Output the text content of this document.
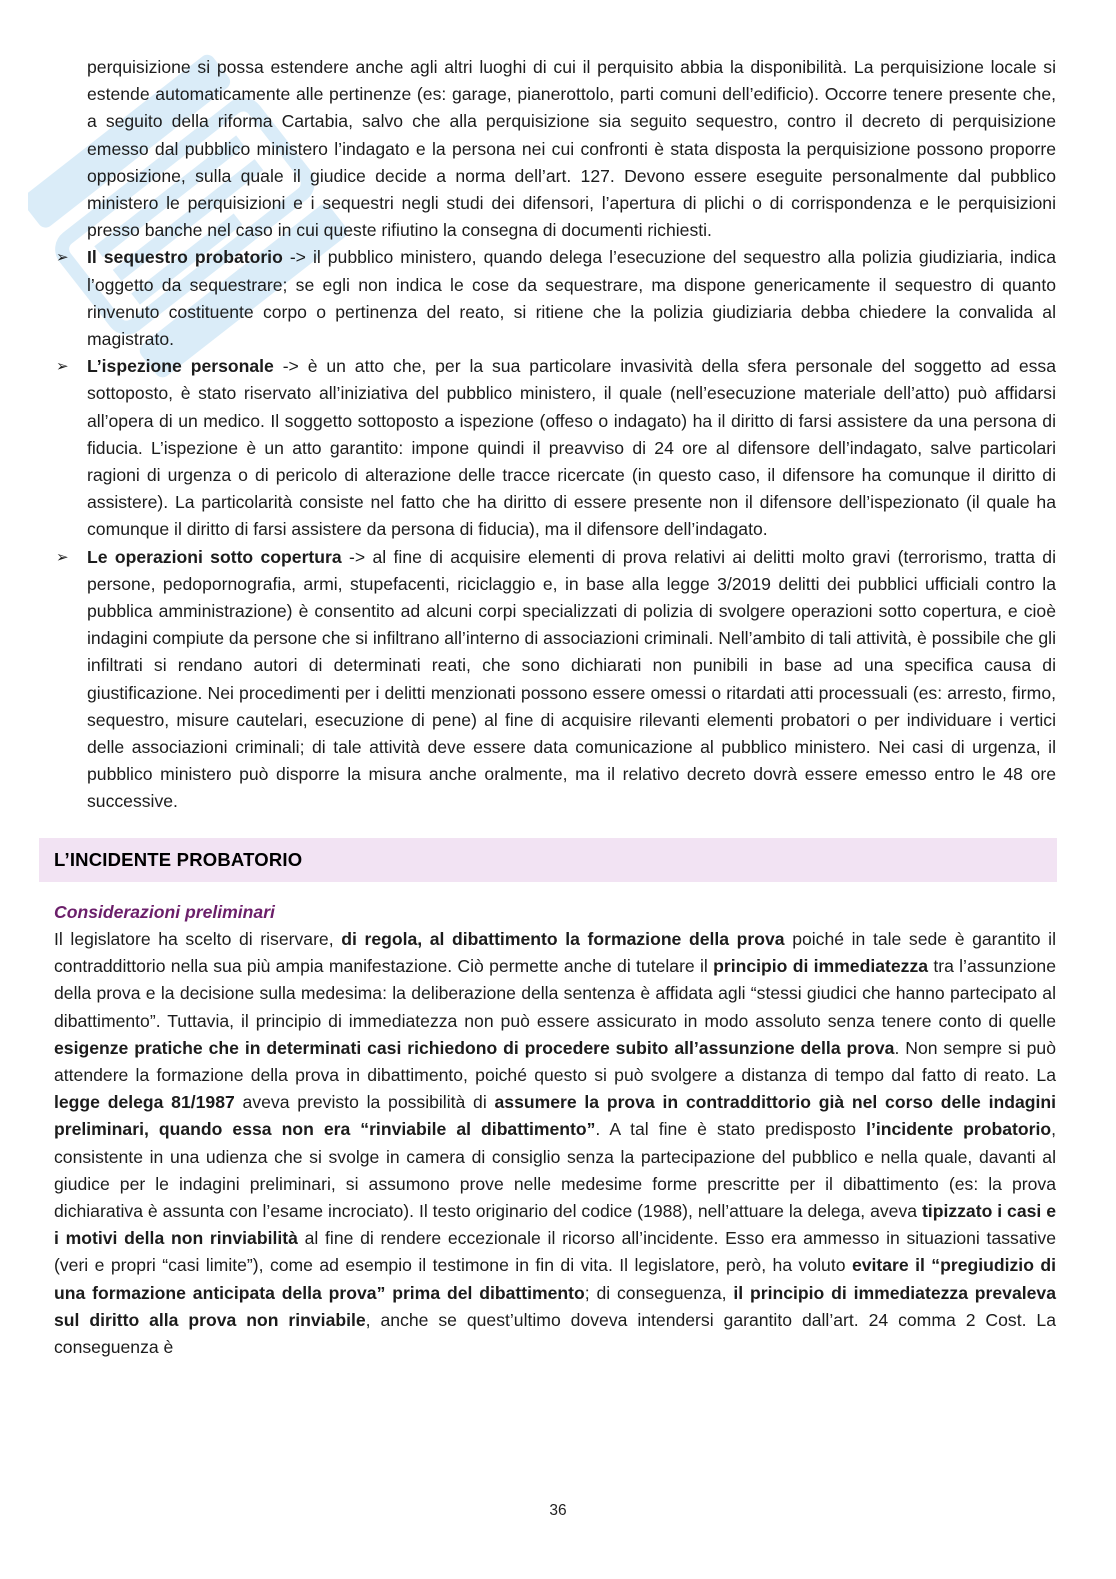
perquisizione si possa estendere anche agli altri luoghi di cui il perquisito abbia la disponibilità. La perquisizione locale si estende automaticamente alle pertinenze (es: garage, pianerottolo, parti comuni dell’edificio). Occorre tenere presente che, a seguito della riforma Cartabia, salvo che alla perquisizione sia seguito sequestro, contro il decreto di perquisizione emesso dal pubblico ministero l’indagato e la persona nei cui confronti è stata disposta la perquisizione possono proporre opposizione, sulla quale il giudice decide a norma dell’art. 127. Devono essere eseguite personalmente dal pubblico ministero le perquisizioni e i sequestri negli studi dei difensori, l’apertura di plichi o di corrispondenza e le perquisizioni presso banche nel caso in cui queste rifiutino la consegna di documenti richiesti.

➢ Il sequestro probatorio -> il pubblico ministero, quando delega l’esecuzione del sequestro alla polizia giudiziaria, indica l’oggetto da sequestrare; se egli non indica le cose da sequestrare, ma dispone genericamente il sequestro di quanto rinvenuto costituente corpo o pertinenza del reato, si ritiene che la polizia giudiziaria debba chiedere la convalida al magistrato.

➢ L’ispezione personale -> è un atto che, per la sua particolare invasività della sfera personale del soggetto ad essa sottoposto, è stato riservato all’iniziativa del pubblico ministero, il quale (nell’esecuzione materiale dell’atto) può affidarsi all’opera di un medico. Il soggetto sottoposto a ispezione (offeso o indagato) ha il diritto di farsi assistere da una persona di fiducia. L’ispezione è un atto garantito: impone quindi il preavviso di 24 ore al difensore dell’indagato, salve particolari ragioni di urgenza o di pericolo di alterazione delle tracce ricercate (in questo caso, il difensore ha comunque il diritto di assistere). La particolarità consiste nel fatto che ha diritto di essere presente non il difensore dell’ispezionato (il quale ha comunque il diritto di farsi assistere da persona di fiducia), ma il difensore dell’indagato.

➢ Le operazioni sotto copertura -> al fine di acquisire elementi di prova relativi ai delitti molto gravi (terrorismo, tratta di persone, pedopornografia, armi, stupefacenti, riciclaggio e, in base alla legge 3/2019 delitti dei pubblici ufficiali contro la pubblica amministrazione) è consentito ad alcuni corpi specializzati di polizia di svolgere operazioni sotto copertura, e cioè indagini compiute da persone che si infiltrano all’interno di associazioni criminali. Nell’ambito di tali attività, è possibile che gli infiltrati si rendano autori di determinati reati, che sono dichiarati non punibili in base ad una specifica causa di giustificazione. Nei procedimenti per i delitti menzionati possono essere omessi o ritardati atti processuali (es: arresto, firmo, sequestro, misure cautelari, esecuzione di pene) al fine di acquisire rilevanti elementi probatori o per individuare i vertici delle associazioni criminali; di tale attività deve essere data comunicazione al pubblico ministero. Nei casi di urgenza, il pubblico ministero può disporre la misura anche oralmente, ma il relativo decreto dovrà essere emesso entro le 48 ore successive.

L’INCIDENTE PROBATORIO

Considerazioni preliminari

Il legislatore ha scelto di riservare, di regola, al dibattimento la formazione della prova poiché in tale sede è garantito il contraddittorio nella sua più ampia manifestazione. Ciò permette anche di tutelare il principio di immediatezza tra l’assunzione della prova e la decisione sulla medesima: la deliberazione della sentenza è affidata agli “stessi giudici che hanno partecipato al dibattimento”. Tuttavia, il principio di immediatezza non può essere assicurato in modo assoluto senza tenere conto di quelle esigenze pratiche che in determinati casi richiedono di procedere subito all’assunzione della prova. Non sempre si può attendere la formazione della prova in dibattimento, poiché questo si può svolgere a distanza di tempo dal fatto di reato. La legge delega 81/1987 aveva previsto la possibilità di assumere la prova in contraddittorio già nel corso delle indagini preliminari, quando essa non era “rinviabile al dibattimento”. A tal fine è stato predisposto l’incidente probatorio, consistente in una udienza che si svolge in camera di consiglio senza la partecipazione del pubblico e nella quale, davanti al giudice per le indagini preliminari, si assumono prove nelle medesime forme prescritte per il dibattimento (es: la prova dichiarativa è assunta con l’esame incrociato). Il testo originario del codice (1988), nell’attuare la delega, aveva tipizzato i casi e i motivi della non rinviabilità al fine di rendere eccezionale il ricorso all’incidente. Esso era ammesso in situazioni tassative (veri e propri “casi limite”), come ad esempio il testimone in fin di vita. Il legislatore, però, ha voluto evitare il “pregiudizio di una formazione anticipata della prova” prima del dibattimento; di conseguenza, il principio di immediatezza prevaleva sul diritto alla prova non rinviabile, anche se quest’ultimo doveva intendersi garantito dall’art. 24 comma 2 Cost. La conseguenza è

36
